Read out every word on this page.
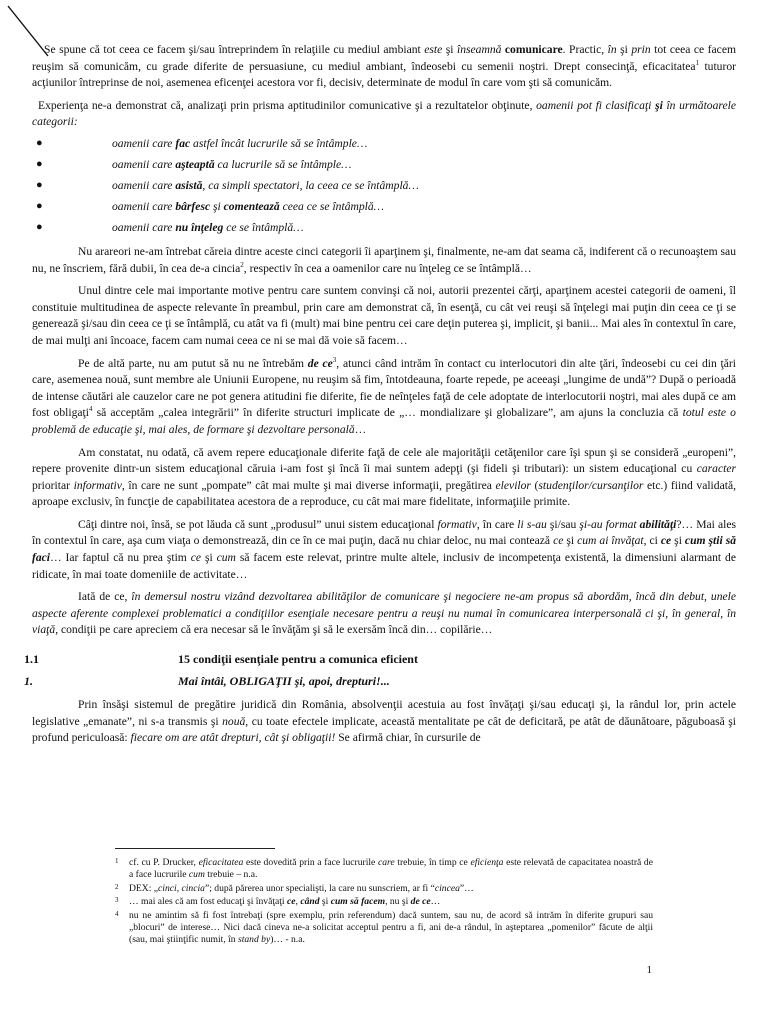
Se spune că tot ceea ce facem şi/sau întreprindem în relaţiile cu mediul ambiant este şi înseamnă comunicare. Practic, în şi prin tot ceea ce facem reuşim să comunicăm, cu grade diferite de persuasiune, cu mediul ambiant, îndeosebi cu semenii noştri. Drept consecinţă, eficacitatea$^1$ tuturor acţiunilor întreprinse de noi, asemenea eficenţei acestora vor fi, decisiv, determinate de modul în care vom şti să comunicăm.

Experienţa ne-a demonstrat că, analizaţi prin prisma aptitudinilor comunicative şi a rezultatelor obţinute, oamenii pot fi clasificaţi şi în următoarele categorii:

●	oamenii care fac astfel încât lucrurile să se întâmple…
●	oamenii care aşteaptă ca lucrurile să se întâmple…
●	oamenii care asistă, ca simpli spectatori, la ceea ce se întâmplă…
●	oamenii care bârfesc şi comentează ceea ce se întâmplă…
●	oamenii care nu înţeleg ce se întâmplă…

Nu arareori ne-am întrebat căreia dintre aceste cinci categorii îi aparţinem şi, finalmente, ne-am dat seama că, indiferent că o recunoaştem sau nu, ne înscriem, fără dubii, în cea de-a cincia$^2$, respectiv în cea a oamenilor care nu înţeleg ce se întâmplă…

Unul dintre cele mai importante motive pentru care suntem convinşi că noi, autorii prezentei cărţi, aparţinem acestei categorii de oameni, îl constituie multitudinea de aspecte relevante în preambul, prin care am demonstrat că, în esenţă, cu cât vei reuşi să înţelegi mai puţin din ceea ce ţi se generează şi/sau din ceea ce ţi se întâmplă, cu atât va fi (mult) mai bine pentru cei care deţin puterea şi, implicit, şi banii... Mai ales în contextul în care, de mai mulţi ani încoace, facem cam numai ceea ce ni se mai dă voie să facem…

Pe de altă parte, nu am putut să nu ne întrebăm de $ce^3$, atunci când intrăm în contact cu interlocutori din alte ţări, îndeosebi cu cei din ţări care, asemenea nouă, sunt membre ale Uniunii Europene, nu reuşim să fim, întotdeauna, foarte repede, pe aceeaşi „lungime de undă”? După o perioadă de intense căutări ale cauzelor care ne pot genera atitudini fie diferite, fie de neînţeles faţă de cele adoptate de interlocutorii noştri, mai ales după ce am fost obligaţi$^4$ să acceptăm „calea integrării” în diferite structuri implicate de „… mondializare şi globalizare”, am ajuns la concluzia că totul este o problemă de educaţie şi, mai ales, de formare şi dezvoltare personală…

Am constatat, nu odată, că avem repere educaţionale diferite faţă de cele ale majorităţii cetăţenilor care îşi spun şi se consideră „europeni”, repere provenite dintr-un sistem educaţional căruia i-am fost şi încă îi mai suntem adepţi (şi fideli şi tributari): un sistem educaţional cu caracter prioritar informativ, în care ne sunt „pompate” cât mai multe şi mai diverse informaţii, pregătirea elevilor (studenţilor/cursanţilor etc.) fiind validată, aproape exclusiv, în funcţie de capabilitatea acestora de a reproduce, cu cât mai mare fidelitate, informaţiile primite.

Câţi dintre noi, însă, se pot lăuda că sunt „produsul” unui sistem educaţional formativ, în care li s-au şi/sau şi-au format abilităţi?… Mai ales în contextul în care, aşa cum viaţa o demonstrează, din ce în ce mai puţin, dacă nu chiar deloc, nu mai contează ce şi cum ai învăţat, ci ce şi cum ştii să faci… Iar faptul că nu prea ştim ce şi cum să facem este relevat, printre multe altele, inclusiv de incompetenţa existentă, la dimensiuni alarmant de ridicate, în mai toate domeniile de activitate…

Iată de ce, în demersul nostru vizând dezvoltarea abilităţilor de comunicare şi negociere ne-am propus să abordăm, încă din debut, unele aspecte aferente complexei problematici a condiţiilor esenţiale necesare pentru a reuşi nu numai în comunicarea interpersonală ci şi, în general, în viaţă, condiţii pe care apreciem că era necesar să le învăţăm şi să le exersăm încă din… copilărie…

1.1	15 condiţii esenţiale pentru a comunica eficient
1.	Mai întâi, OBLIGAŢII şi, apoi, drepturi!...

Prin însăşi sistemul de pregătire juridică din România, absolvenţii acestuia au fost învăţaţi şi/sau educaţi şi, la rândul lor, prin actele legislative „emanate”, ni s-a transmis şi nouă, cu toate efectele implicate, această mentalitate pe cât de deficitară, pe atât de dăunătoare, păguboasă şi profund periculoasă: fiecare om are atât drepturi, cât şi obligaţii! Se afirmă chiar, în cursurile de

1 cf. cu P. Drucker, eficacitatea este dovedită prin a face lucrurile care trebuie, în timp ce eficienţa este relevată de capacitatea noastră de a face lucrurile cum trebuie – n.a.
2 DEX: „cinci, cincia”; după părerea unor specialişti, la care nu sunscriem, ar fi “cincea”…
3 … mai ales că am fost educaţi şi învăţaţi ce, când şi cum să facem, nu şi de ce…
4 nu ne amintim să fi fost întrebaţi (spre exemplu, prin referendum) dacă suntem, sau nu, de acord să intrăm în diferite grupuri sau „blocuri” de interese… Nici dacă cineva ne-a solicitat acceptul pentru a fi, ani de-a rândul, în aşteptarea „pomenilor” făcute de alţii (sau, mai ştiinţific numit, în stand by)… - n.a.
1
